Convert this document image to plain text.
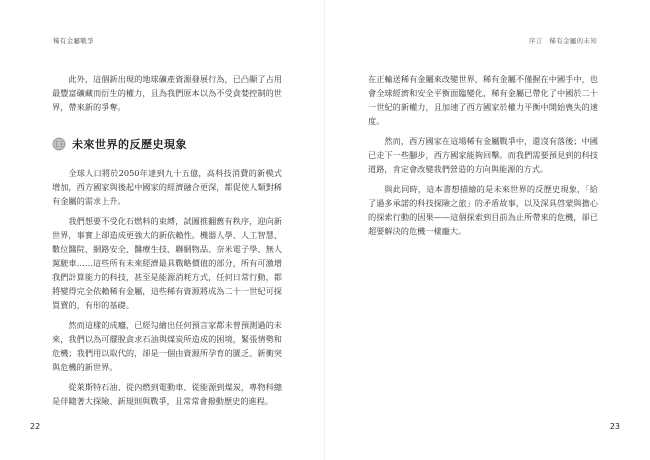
稀有金屬戰爭

此外，這個新出現的地球礦產資源發展行為，已凸顯了占用最豐富礦藏而衍生的權力，且為我們原本以為不受貪婪控制的世界，帶來新的爭奪。

未來世界的反歷史現象

全球人口將於2050年達到九十五億，高科技消費的新模式增加，西方國家與後起中國家的經濟融合更深，都促使人類對稀有金屬的需求上升。

我們想要不受化石燃料的束縛，試圖推翻舊有秩序，迎向新世界，事實上卻造成更強大的新依賴性。機器人學、人工智慧、數位醫院、網路安全、醫療生技、聯網物品、奈米電子學、無人駕駛車……這些所有未來經濟最具戰略價值的部分，所有可激增我們計算能力的科技，甚至是能源消耗方式，任何日常行動，都將變得完全依賴稀有金屬，這些稀有資源將成為二十一世紀可探買賣的，有形的基礎。

然而這樣的成癮，已經勾繪出任何預言家都未曾預測過的未來，我們以為可擺脫貪求石油與煤炭所造成的困境，緊張情勢和危機；我們用以取代的，卻是一個由資源所孕育的匱乏、新衝突與危機的新世界。

從萊斯特石油、從內燃到電動車、從能源到煤炭，專物科總是伴隨著大探險、新規則與戰爭，且常常會撥動歷史的進程。

22
序言　稀有金屬的未知

在正輸送稀有金屬來改變世界，稀有金屬不僅握在中國手中，也會全球經濟和安全平衡面臨變化，稀有金屬已帶化了中國於二十一世紀的新權力，且加速了西方國家於權力平衡中開始喪失的速度。

然而，西方國家在這場稀有金屬戰爭中，還沒有落後；中國已走下一些腳步，西方國家能夠回擊。而我們需要預見到的科技道路，肯定會改變我們營造的方向與能源的方式。

與此同時，這本書想描繪的是未來世界的反歷史現象，「給了過多承諾的科技探險之旅」的矛盾故事，以及深具啓蒙與擔心的探索行動的因果——這個探索到目前為止所帶來的危機，卻已超要解決的危機一樣龐大。

23
